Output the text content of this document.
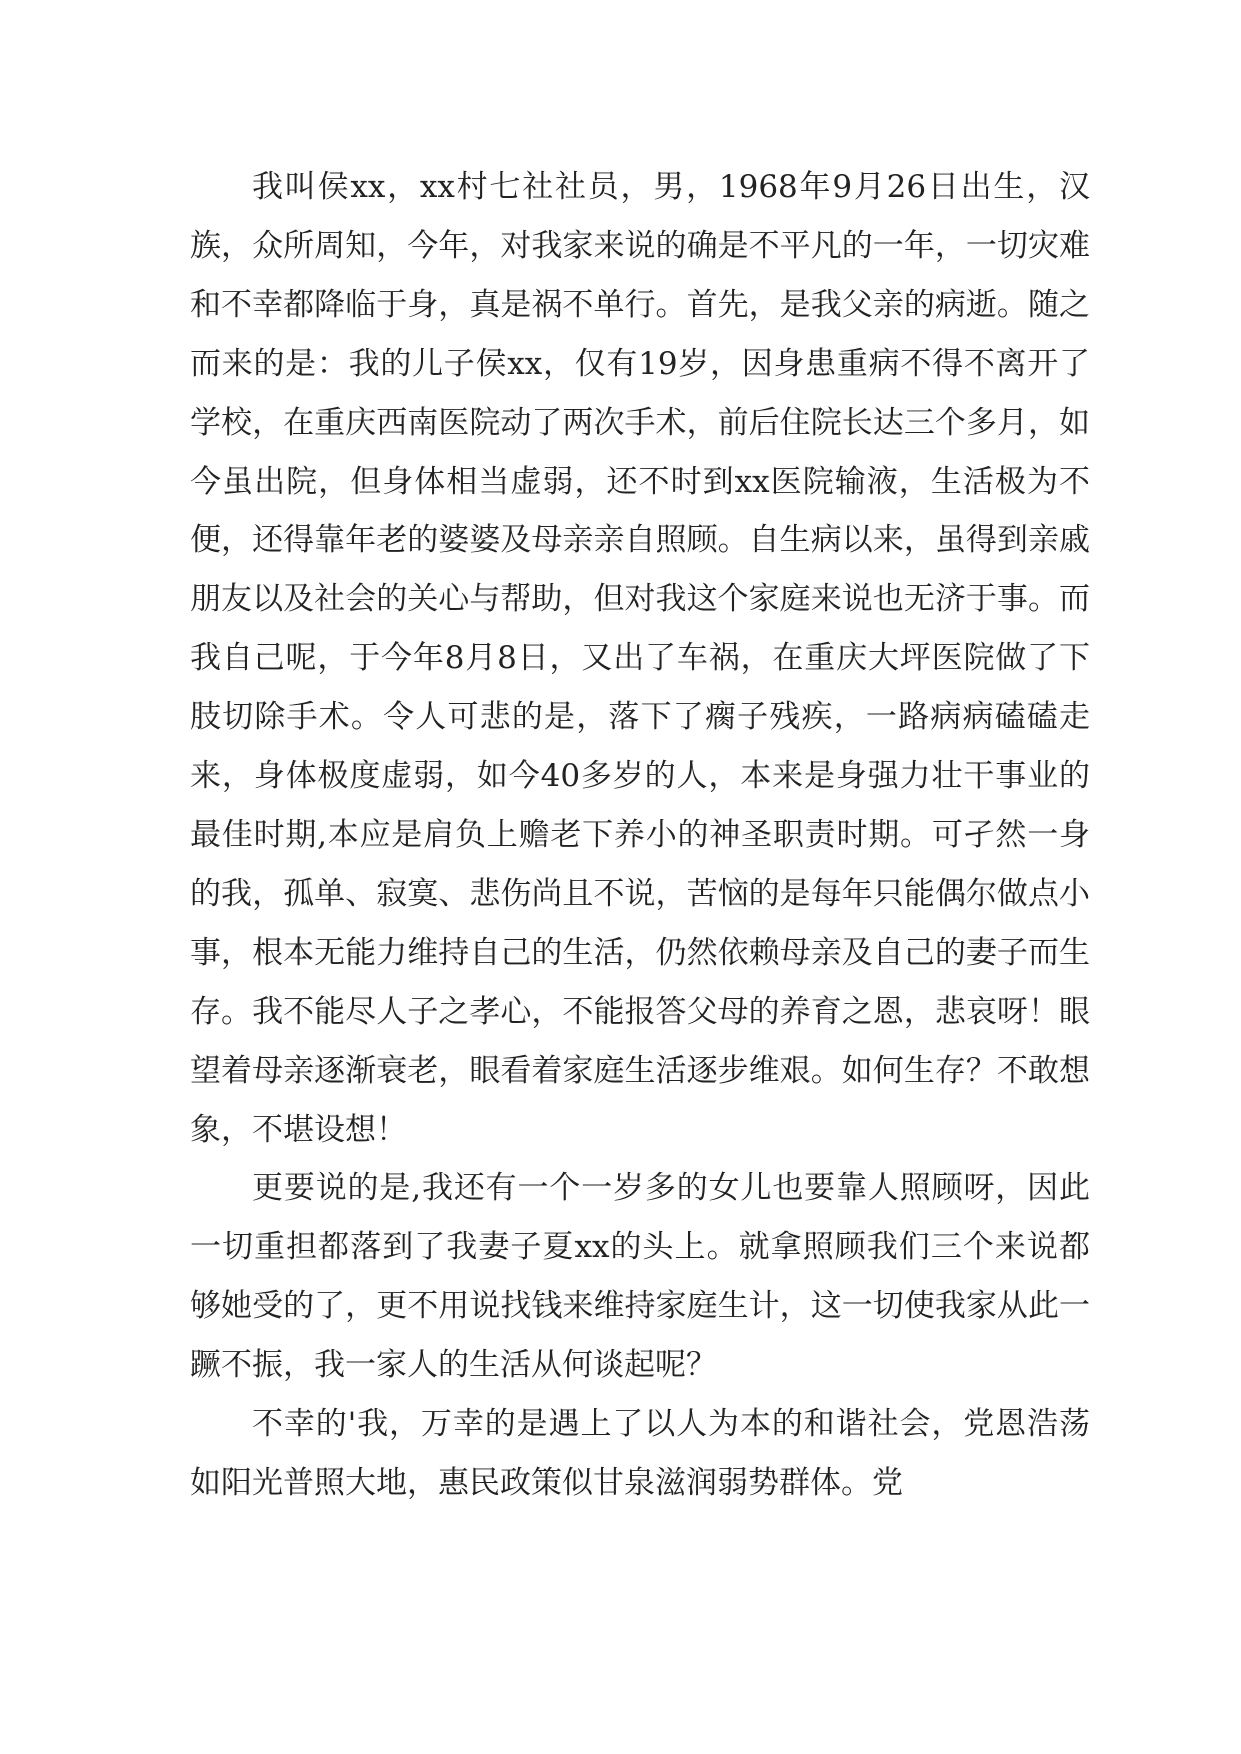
我叫侯xx，xx村七社社员，男，1968年9月26日出生，汉族，众所周知，今年，对我家来说的确是不平凡的一年，一切灾难和不幸都降临于身，真是祸不单行。首先，是我父亲的病逝。随之而来的是：我的儿子侯xx，仅有19岁，因身患重病不得不离开了学校，在重庆西南医院动了两次手术，前后住院长达三个多月，如今虽出院，但身体相当虚弱，还不时到xx医院输液，生活极为不便，还得靠年老的婆婆及母亲亲自照顾。自生病以来，虽得到亲戚朋友以及社会的关心与帮助，但对我这个家庭来说也无济于事。而我自己呢，于今年8月8日，又出了车祸，在重庆大坪医院做了下肢切除手术。令人可悲的是，落下了瘸子残疾，一路病病磕磕走来，身体极度虚弱，如今40多岁的人，本来是身强力壮干事业的最佳时期,本应是肩负上赡老下养小的神圣职责时期。可孑然一身的我，孤单、寂寞、悲伤尚且不说，苦恼的是每年只能偶尔做点小事，根本无能力维持自己的生活，仍然依赖母亲及自己的妻子而生存。我不能尽人子之孝心，不能报答父母的养育之恩，悲哀呀！眼望着母亲逐渐衰老，眼看着家庭生活逐步维艰。如何生存？不敢想象，不堪设想！

更要说的是,我还有一个一岁多的女儿也要靠人照顾呀，因此一切重担都落到了我妻子夏xx的头上。就拿照顾我们三个来说都够她受的了，更不用说找钱来维持家庭生计，这一切使我家从此一蹶不振，我一家人的生活从何谈起呢？

不幸的'我，万幸的是遇上了以人为本的和谐社会，党恩浩荡如阳光普照大地，惠民政策似甘泉滋润弱势群体。党
